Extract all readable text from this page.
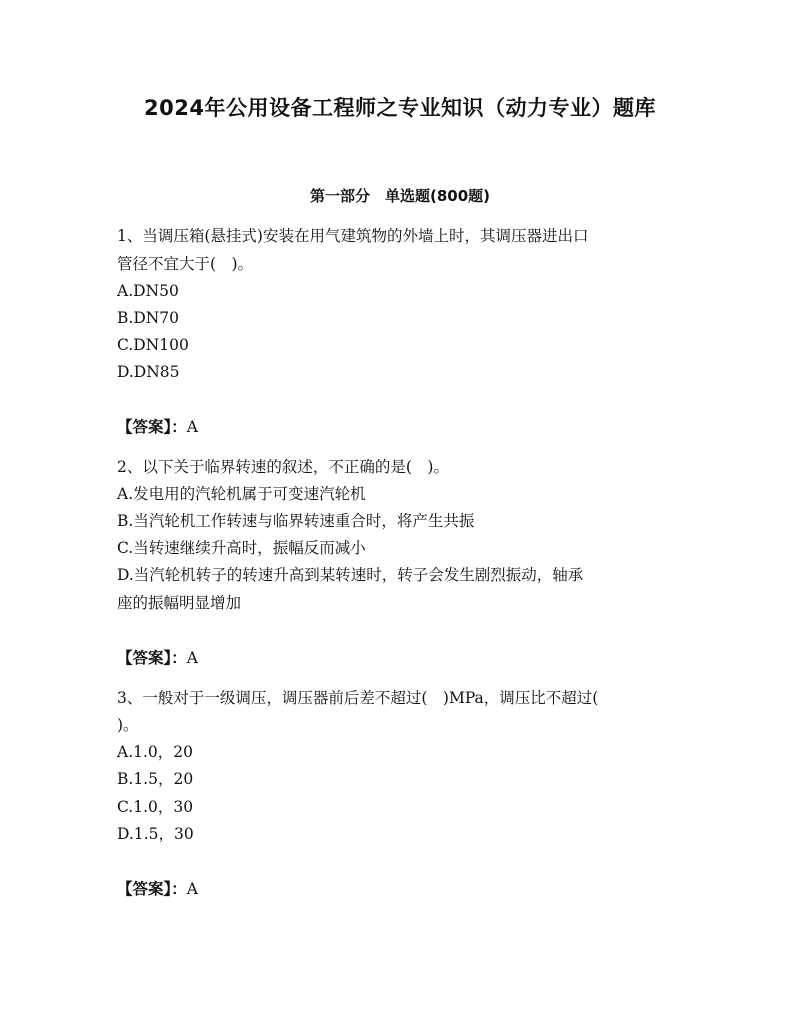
2024年公用设备工程师之专业知识（动力专业）题库
第一部分　单选题(800题)
1、当调压箱(悬挂式)安装在用气建筑物的外墙上时，其调压器进出口
管径不宜大于(　)。
A.DN50
B.DN70
C.DN100
D.DN85
【答案】：A
2、以下关于临界转速的叙述，不正确的是(　)。
A.发电用的汽轮机属于可变速汽轮机
B.当汽轮机工作转速与临界转速重合时，将产生共振
C.当转速继续升高时，振幅反而减小
D.当汽轮机转子的转速升高到某转速时，转子会发生剧烈振动，轴承
座的振幅明显增加
【答案】：A
3、一般对于一级调压，调压器前后差不超过(　)MPa，调压比不超过(
)。
A.1.0，20
B.1.5，20
C.1.0，30
D.1.5，30
【答案】：A
